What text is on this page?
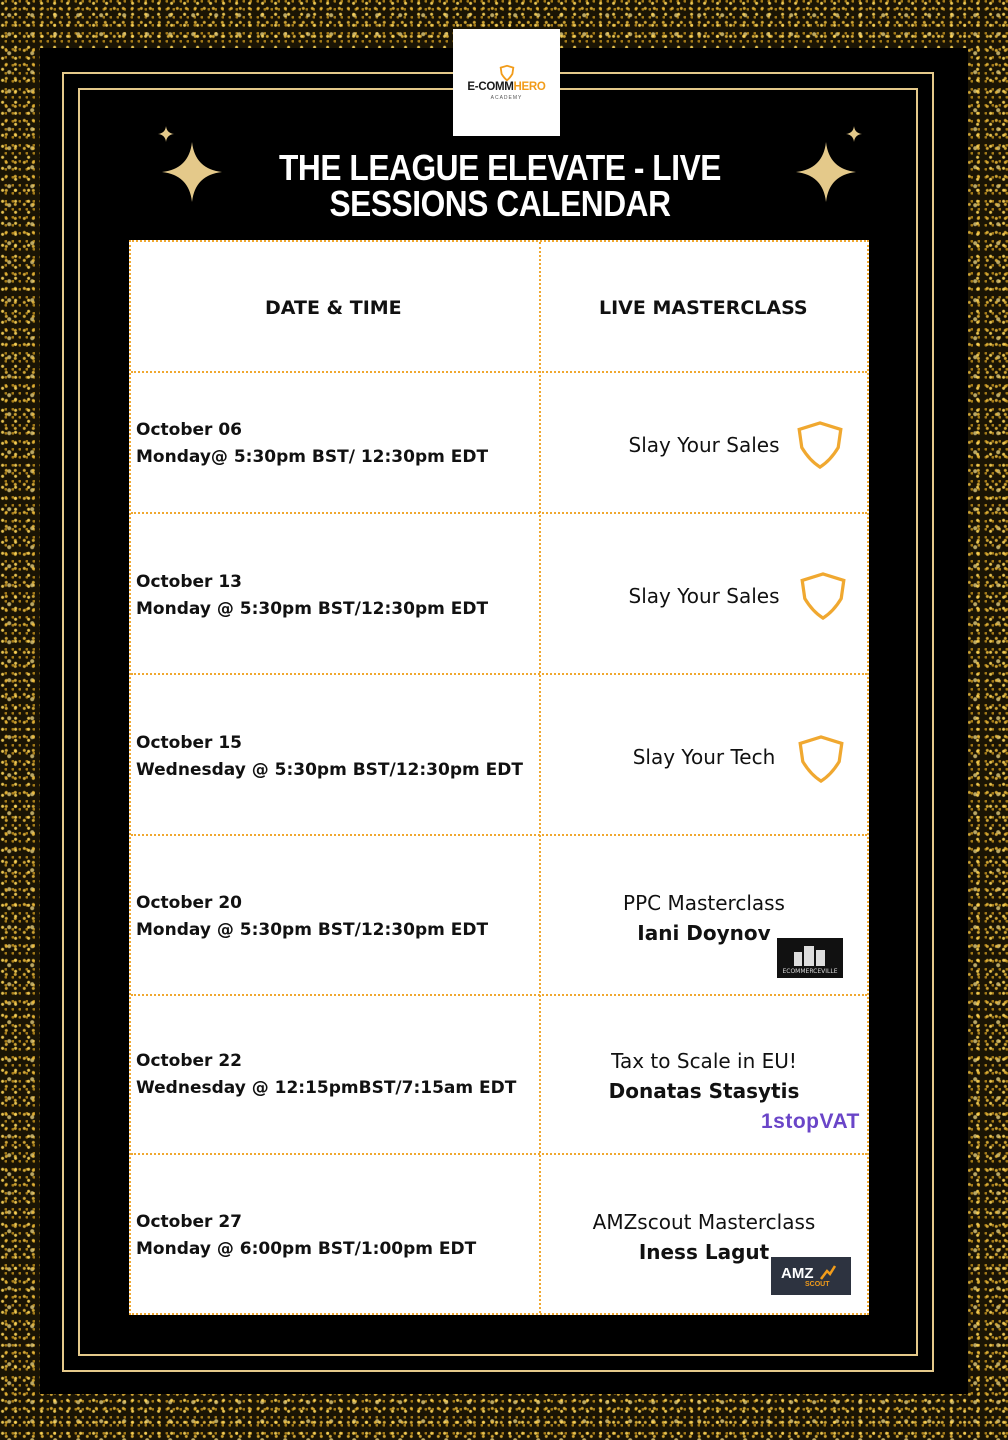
E-COMMHERO
ACADEMY
THE LEAGUE ELEVATE - LIVE SESSIONS CALENDAR
DATE & TIME	LIVE MASTERCLASS
October 06
Monday@ 5:30pm BST/ 12:30pm EDT	Slay Your Sales
October 13
Monday @ 5:30pm BST/12:30pm EDT
Slay Your Sales
October 15
Wednesday @ 5:30pm BST/12:30pm EDT
Slay Your Tech
October 20
Monday @ 5:30pm BST/12:30pm EDT
PPC Masterclass
Iani Doynov
ECOMMERCEVILLE
October 22
Wednesday @ 12:15pmBST/7:15am EDT
Tax to Scale in EU!
Donatas Stasytis
1stopVAT
October 27
Monday @ 6:00pm BST/1:00pm EDT
AMZscout Masterclass
Iness Lagut
AMZ
SCOUT
